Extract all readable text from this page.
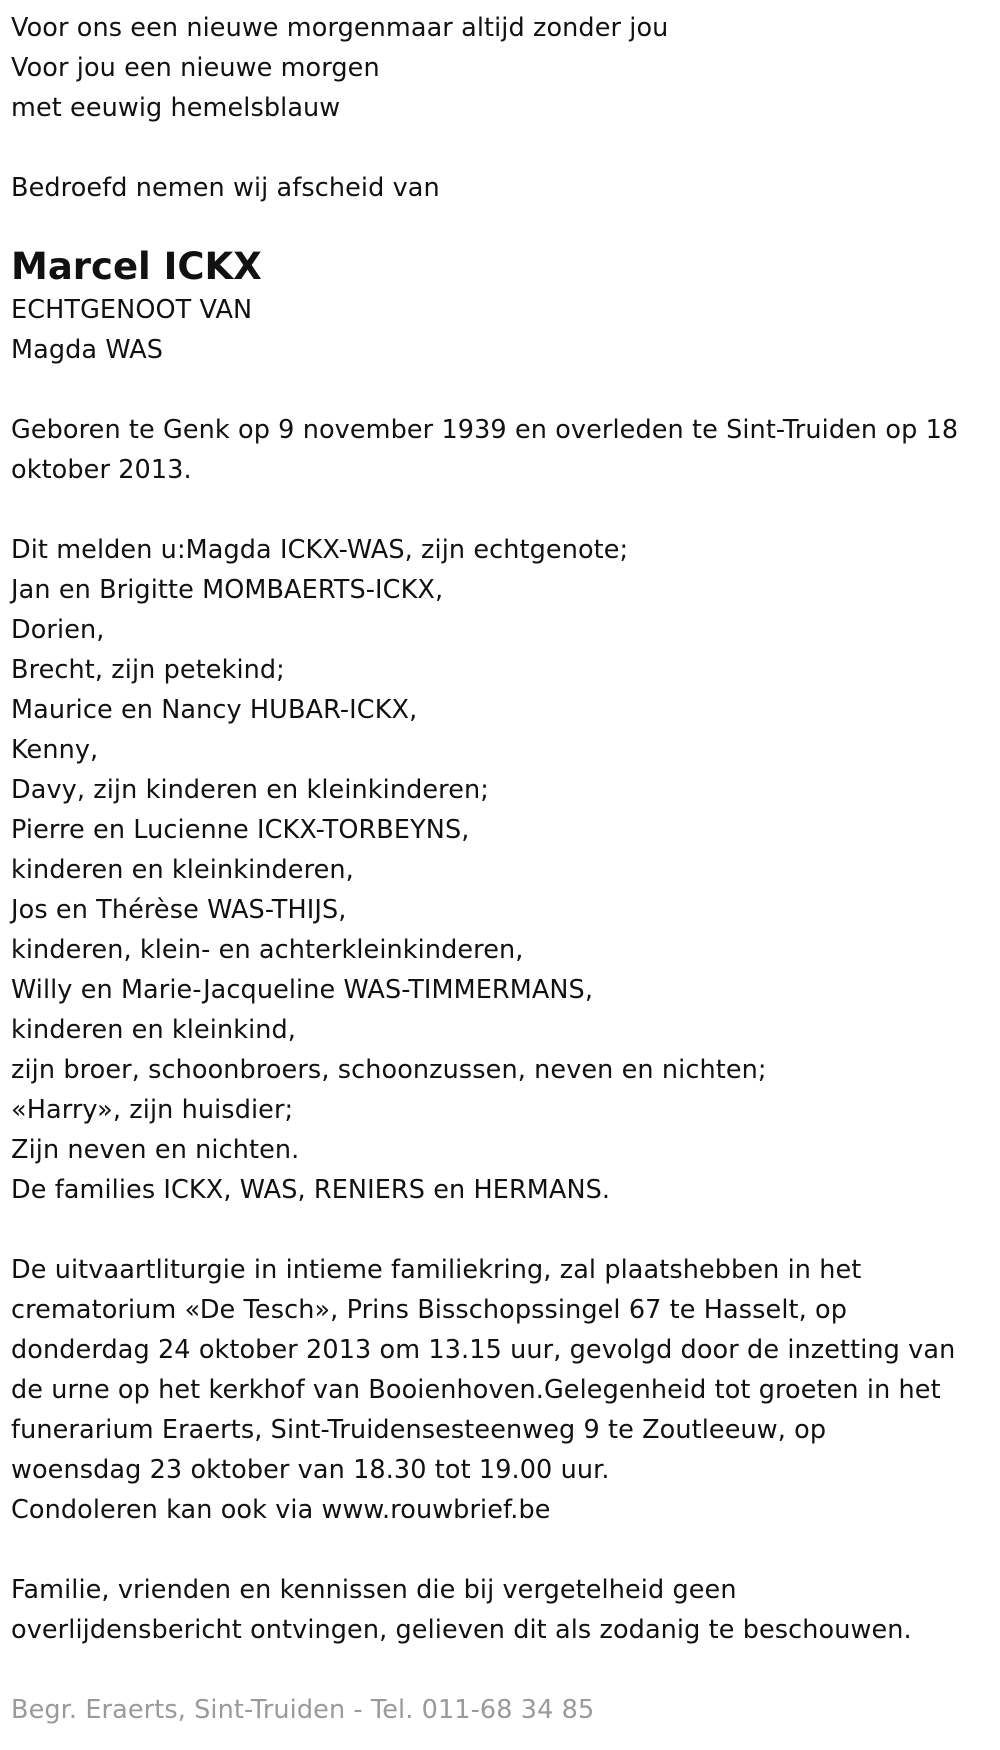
Voor ons een nieuwe morgenmaar altijd zonder jou
Voor jou een nieuwe morgen
met eeuwig hemelsblauw
Bedroefd nemen wij afscheid van
Marcel ICKX
ECHTGENOOT VAN
Magda WAS
Geboren te Genk op 9 november 1939 en overleden te Sint-Truiden op 18
oktober 2013.
Dit melden u:Magda ICKX-WAS, zijn echtgenote;
Jan en Brigitte MOMBAERTS-ICKX,
Dorien,
Brecht, zijn petekind;
Maurice en Nancy HUBAR-ICKX,
Kenny,
Davy, zijn kinderen en kleinkinderen;
Pierre en Lucienne ICKX-TORBEYNS,
kinderen en kleinkinderen,
Jos en Thérèse WAS-THIJS,
kinderen, klein- en achterkleinkinderen,
Willy en Marie-Jacqueline WAS-TIMMERMANS,
kinderen en kleinkind,
zijn broer, schoonbroers, schoonzussen, neven en nichten;
«Harry», zijn huisdier;
Zijn neven en nichten.
De families ICKX, WAS, RENIERS en HERMANS.
De uitvaartliturgie in intieme familiekring, zal plaatshebben in het
crematorium «De Tesch», Prins Bisschopssingel 67 te Hasselt, op
donderdag 24 oktober 2013 om 13.15 uur, gevolgd door de inzetting van
de urne op het kerkhof van Booienhoven.Gelegenheid tot groeten in het
funerarium Eraerts, Sint-Truidensesteenweg 9 te Zoutleeuw, op
woensdag 23 oktober van 18.30 tot 19.00 uur.
Condoleren kan ook via www.rouwbrief.be
Familie, vrienden en kennissen die bij vergetelheid geen
overlijdensbericht ontvingen, gelieven dit als zodanig te beschouwen.
Begr. Eraerts, Sint-Truiden - Tel. 011-68 34 85
